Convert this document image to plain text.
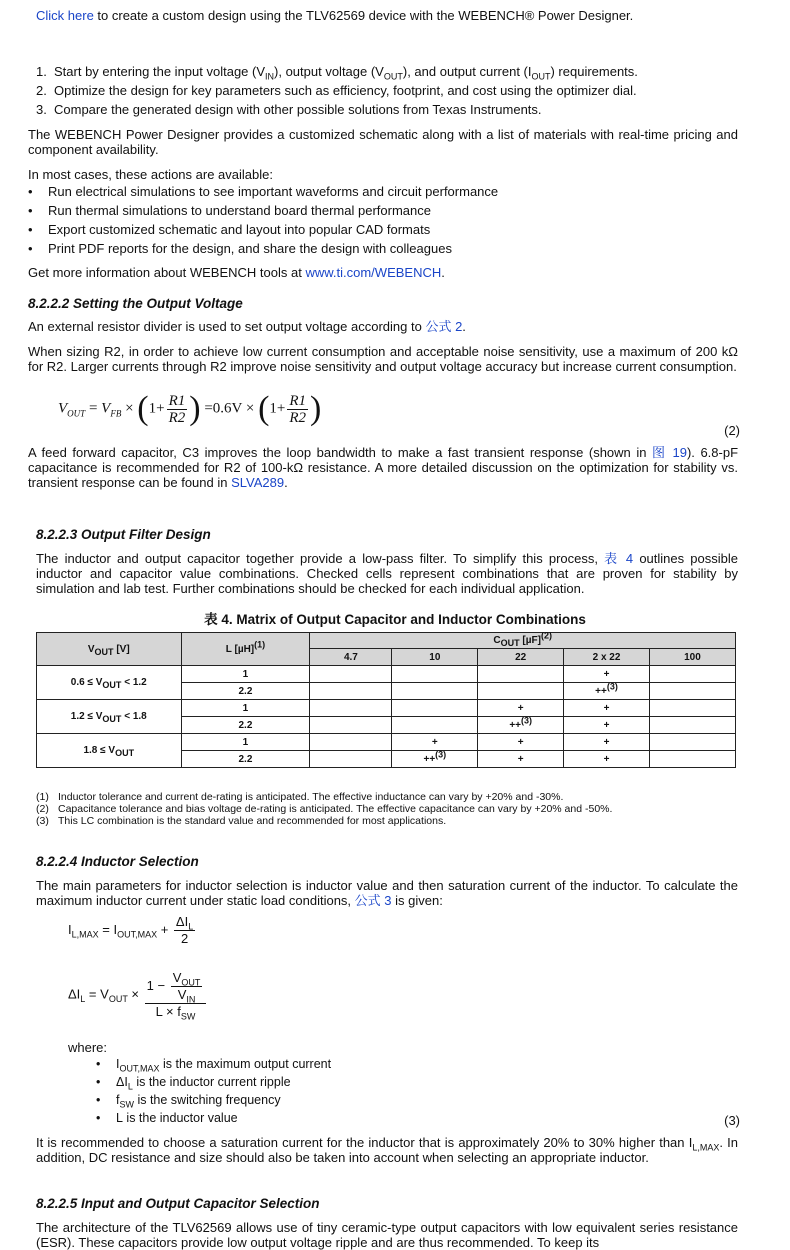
Click here to create a custom design using the TLV62569 device with the WEBENCH® Power Designer.
1. Start by entering the input voltage $(V_{IN})$, output voltage $(V_{OUT})$, and output current $(I_{OUT})$ requirements.
2. Optimize the design for key parameters such as efficiency, footprint, and cost using the optimizer dial.
3. Compare the generated design with other possible solutions from Texas Instruments.
The WEBENCH Power Designer provides a customized schematic along with a list of materials with real-time pricing and component availability.
In most cases, these actions are available:
•	Run electrical simulations to see important waveforms and circuit performance
•	Run thermal simulations to understand board thermal performance
•	Export customized schematic and layout into popular CAD formats
•	Print PDF reports for the design, and share the design with colleagues
Get more information about WEBENCH tools at www.ti.com/WEBENCH.
8.2.2.2 Setting the Output Voltage
An external resistor divider is used to set output voltage according to 公式 2.
When sizing R2, in order to achieve low current consumption and acceptable noise sensitivity, use a maximum of 200 kΩ for R2. Larger currents through R2 improve noise sensitivity and output voltage accuracy but increase current consumption.
$V_{OUT} = V_{FB} \times (1+ \frac{R1}{R2}$ ) $=0.6V \times (1+ \frac{R1}{R2}$ )
(2)
A feed forward capacitor, C3 improves the loop bandwidth to make a fast transient response (shown in 图 19). 6.8-pF capacitance is recommended for R2 of 100-kΩ resistance. A more detailed discussion on the optimization for stability vs. transient response can be found in SLVA289.
8.2.2.3 Output Filter Design
The inductor and output capacitor together provide a low-pass filter. To simplify this process, 表 4 outlines possible inductor and capacitor value combinations. Checked cells represent combinations that are proven for stability by simulation and lab test. Further combinations should be checked for each individual application.
表 4. Matrix of Output Capacitor and Inductor Combinations
$V_{OUT}$ [V]	L $[\mu H]^{(1)}$	$C_{OUT}$ $[\mu F]^{(2)}$
		4.7	10	22	2 x 22	100
$0.6 \le V_{OUT} < 1.2$	1				+	
	2.2				++$^{(3)}$	
$1.2 \le V_{OUT} < 1.8$	1			+	+	
	2.2			++$^{(3)}$	+	
$1.8 \le V_{OUT}$	1		+	+	+	
	2.2		++$^{(3)}$	+	+	
(1) Inductor tolerance and current de-rating is anticipated. The effective inductance can vary by +20% and -30%.
(2) Capacitance tolerance and bias voltage de-rating is anticipated. The effective capacitance can vary by +20% and -50%.
(3) This LC combination is the standard value and recommended for most applications.
8.2.2.4 Inductor Selection
The main parameters for inductor selection is inductor value and then saturation current of the inductor. To calculate the maximum inductor current under static load conditions, 公式 3 is given:
$I_{L,MAX} = I_{OUT,MAX} + \frac{\Delta I_L}{2}$
$\Delta I_L = V_{OUT} \times \frac{1 - \frac{V_{OUT}}{V_{IN}}}{L \times f_{SW}}$
where:
•	$I_{OUT,MAX}$ is the maximum output current
•	$\Delta I_L$ is the inductor current ripple
•	$f_{SW}$ is the switching frequency
•	L is the inductor value	(3)
It is recommended to choose a saturation current for the inductor that is approximately 20% to 30% higher than $I_{L,MAX}$. In addition, DC resistance and size should also be taken into account when selecting an appropriate inductor.
8.2.2.5 Input and Output Capacitor Selection
The architecture of the TLV62569 allows use of tiny ceramic-type output capacitors with low equivalent series resistance (ESR). These capacitors provide low output voltage ripple and are thus recommended. To keep its
